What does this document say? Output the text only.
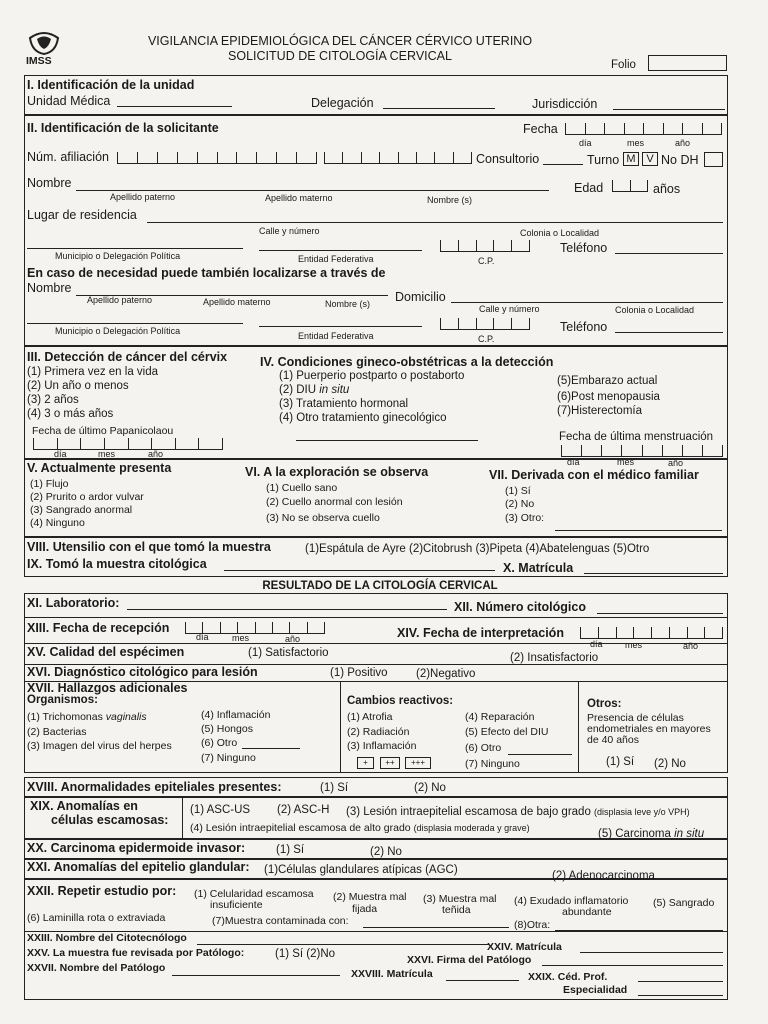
IMSS
VIGILANCIA EPIDEMIOLÓGICA DEL CÁNCER CÉRVICO UTERINO
SOLICITUD DE CITOLOGÍA CERVICAL
Folio
I. Identificación de la unidad
Unidad Médica	Delegación	Jurisdicción
II. Identificación de la solicitante	Fecha
día	mes	año
Núm. afiliación	Consultorio	Turno M V No DH
Nombre
Apellido paterno	Apellido materno	Nombre (s)
Edad	años
Lugar de residencia
Calle y número	Colonia o Localidad
Teléfono
Municipio o Delegación Política	Entidad Federativa	C.P.
En caso de necesidad puede también localizarse a través de
Nombre
Apellido paterno	Apellido materno	Nombre (s) Domicilio
Calle y número	Colonia o Localidad
Teléfono
Municipio o Delegación Política	Entidad Federativa	C.P.
III. Detección de cáncer del cérvix
(1) Primera vez en la vida
(2) Un año o menos
(3) 2 años
(4) 3 o más años
Fecha de último Papanicolaou
día	mes	año
IV. Condiciones gineco-obstétricas a la detección
(1) Puerperio postparto o postaborto
(2) DIU in situ
(3) Tratamiento hormonal
(4) Otro tratamiento ginecológico
(5)Embarazo actual
(6)Post menopausia
(7)Histerectomía
Fecha de última menstruación
día	mes	año
V. Actualmente presenta
(1) Flujo
(2) Prurito o ardor vulvar
(3) Sangrado anormal
(4) Ninguno
VI. A la exploración se observa
(1) Cuello sano
(2) Cuello anormal con lesión
(3) No se observa cuello
VII. Derivada con el médico familiar
(1) Sí
(2) No
(3) Otro:
VIII. Utensilio con el que tomó la muestra	(1)Espátula de Ayre (2)Citobrush (3)Pipeta (4)Abatelenguas (5)Otro
IX. Tomó la muestra citológica	X. Matrícula
RESULTADO DE LA CITOLOGÍA CERVICAL
XI. Laboratorio:	XII. Número citológico
XIII. Fecha de recepción
día	mes	año	XIV. Fecha de interpretación
día mes	año
XV. Calidad del espécimen	(1) Satisfactorio	(2) Insatisfactorio
XVI. Diagnóstico citológico para lesión	(1) Positivo (2)Negativo
XVII. Hallazgos adicionales
Organismos:
(1) Trichomonas vaginalis
(2) Bacterias
(3) Imagen del virus del herpes
(4) Inflamación
(5) Hongos
(6) Otro
(7) Ninguno
Cambios reactivos:
(1) Atrofia
(2) Radiación
(3) Inflamación
+	++	+++
(4) Reparación
(5) Efecto del DIU
(6) Otro
(7) Ninguno
Otros:
Presencia de células endometriales en mayores de 40 años
(1) Sí (2) No
XVIII. Anormalidades epiteliales presentes:	(1) Sí	(2) No
XIX. Anomalías en
células escamosas:
(1) ASC-US (2) ASC-H (3) Lesión intraepitelial escamosa de bajo grado (displasia leve y/o VPH)
(4) Lesión intraepitelial escamosa de alto grado (displasia moderada y grave)	(5) Carcinoma in situ
XX. Carcinoma epidermoide invasor:	(1) Sí	(2) No
XXI. Anomalías del epitelio glandular: (1)Células glandulares atípicas (AGC)	(2) Adenocarcinoma
XXII. Repetir estudio por: (1) Celularidad escamosa
insuficiente
(2) Muestra mal
fijada
(3) Muestra mal
teñida
(4) Exudado inflamatorio
abundante
(5) Sangrado
(6) Laminilla rota o extraviada	(7)Muestra contaminada con:	(8)Otra:
XXIII. Nombre del Citotecnólogo
XXIV. Matrícula
XXV. La muestra fue revisada por Patólogo:	(1) Sí (2)No	XXVI. Firma del Patólogo
XXVII. Nombre del Patólogo	XXVIII. Matrícula	XXIX. Céd. Prof.
Especialidad
